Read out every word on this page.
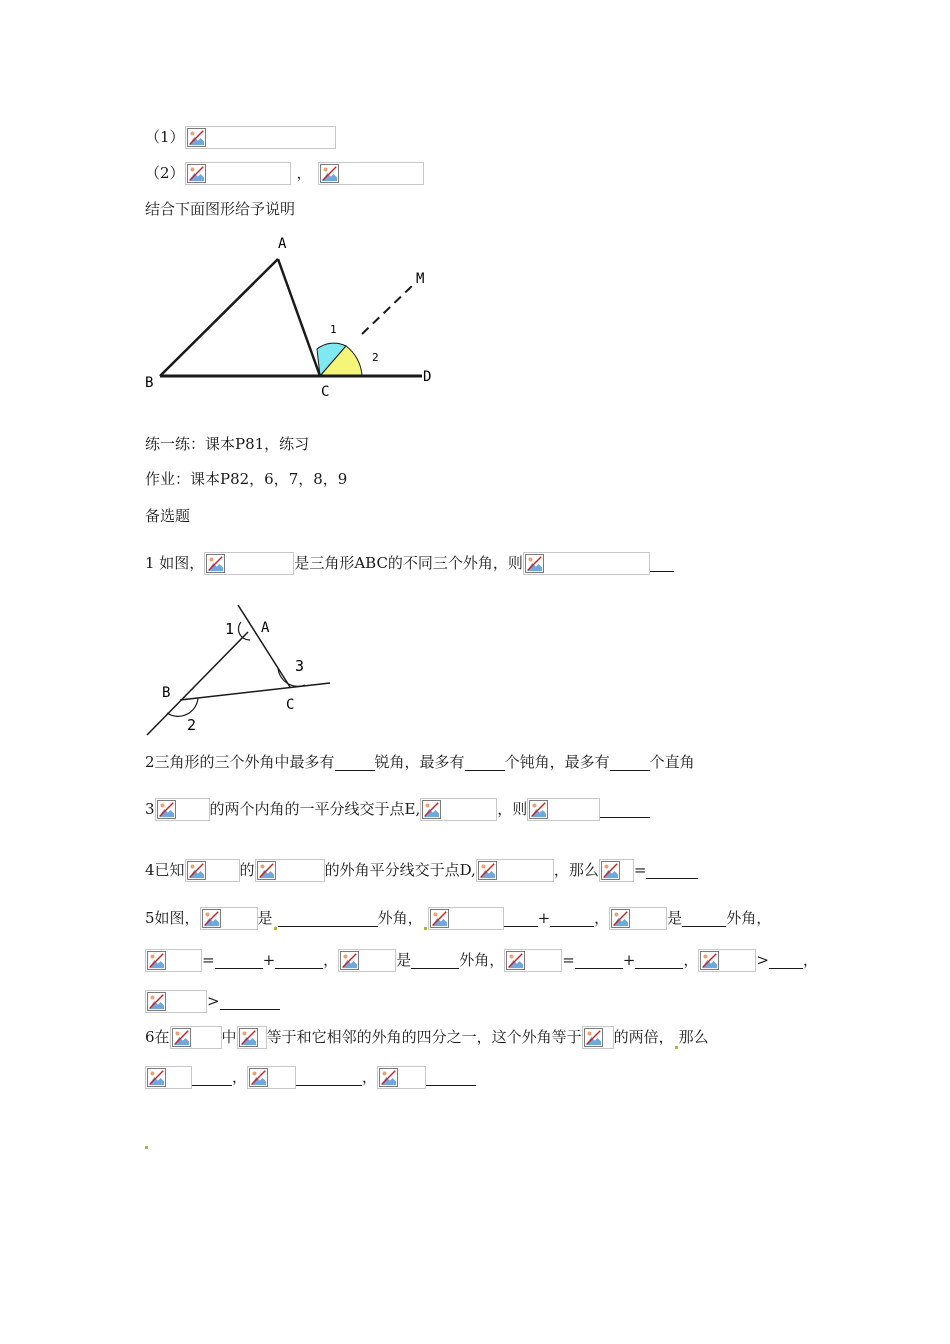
（1）
（2）	，
结合下面图形给予说明
A
B
C
D
M
1
2
练一练：课本P81，练习
作业：课本P82，6，7，8，9
备选题
1 如图，	是三角形ABC的不同三个外角，则
1 A
3
B
C
2
2三角形的三个外角中最多有	锐角，最多有	个钝角，最多有	个直角
3	的两个内角的一平分线交于点E,	，则
4已知	的	的外角平分线交于点D,	，那么 =
5如图，	是	外角，	+	，	是	外角，
=	+	，	是	外角，	=	+	，	> ，
>
6在	中 等于和它相邻的外角的四分之一，这个外角等于 的两倍， 那么
，	，
